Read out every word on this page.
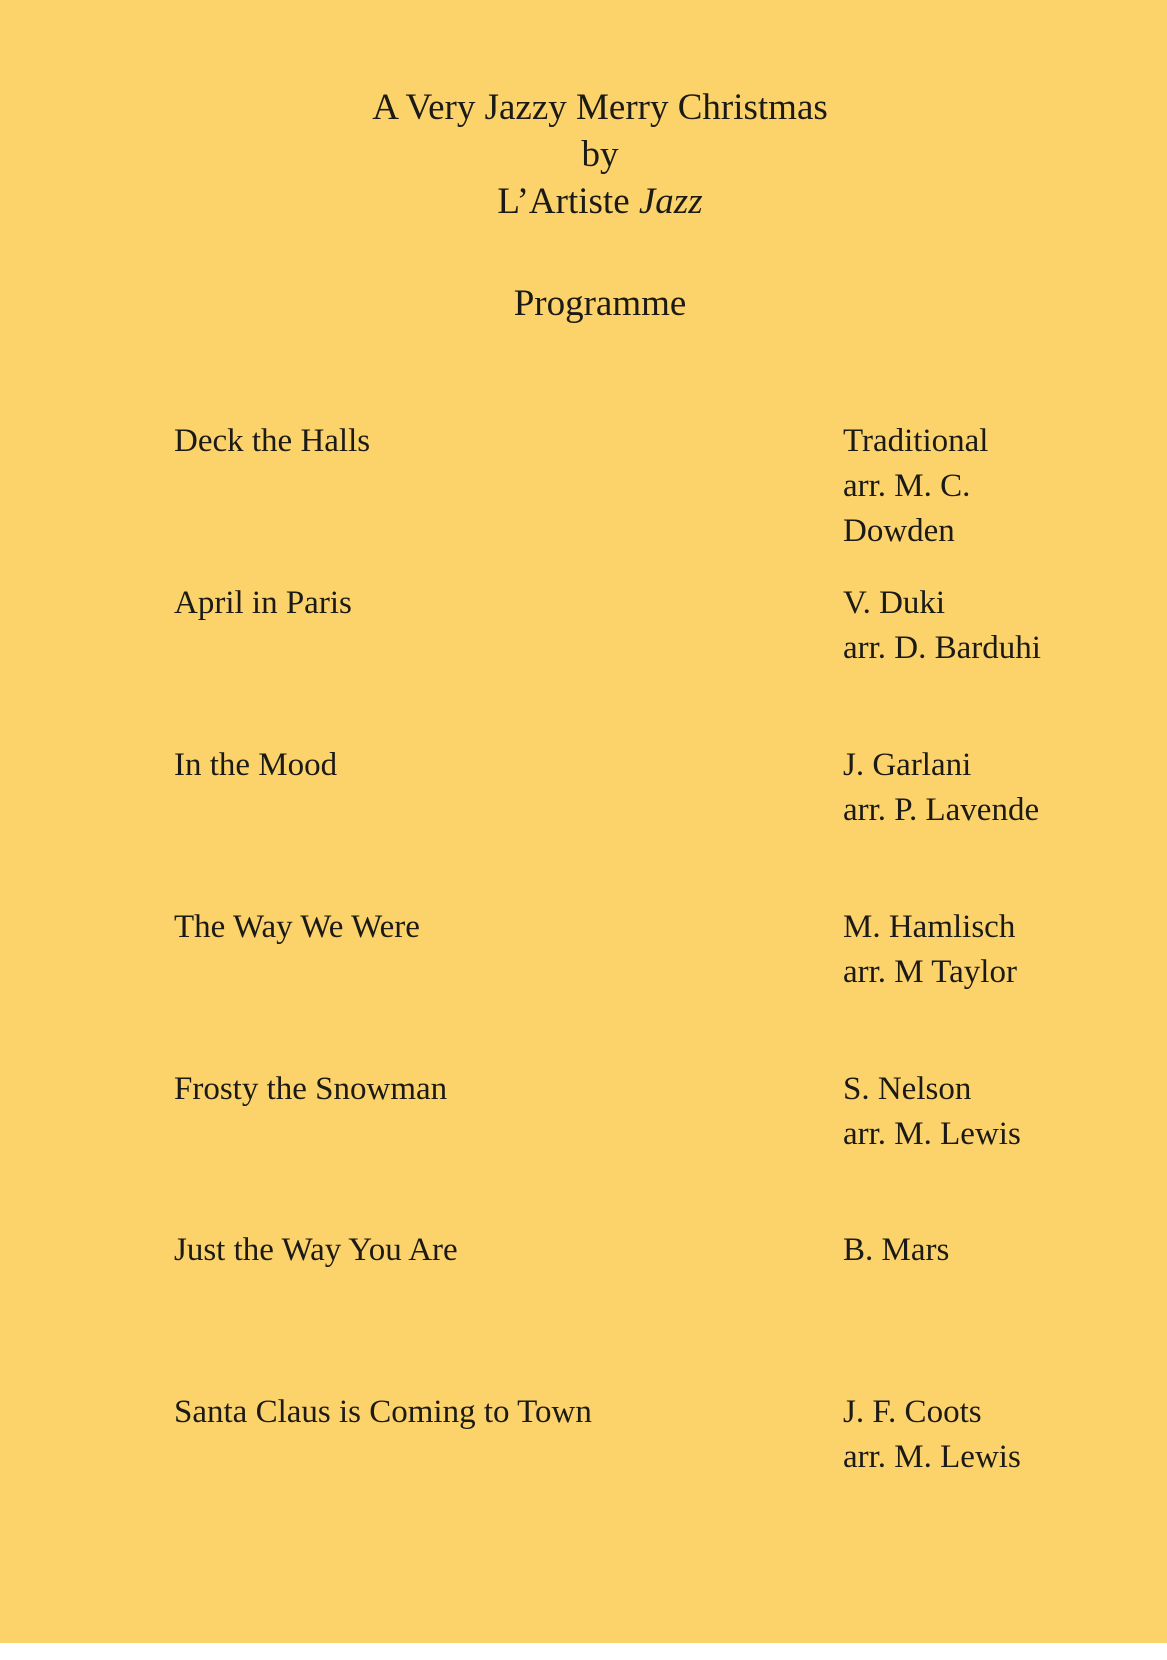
A Very Jazzy Merry Christmas
by
L’Artiste Jazz
Programme
Deck the Halls	Traditional
arr. M. C.
Dowden
April in Paris	V. Duki
arr. D. Barduhi
In the Mood	J. Garlani
arr. P. Lavende
The Way We Were	M. Hamlisch
arr. M Taylor
Frosty the Snowman	S. Nelson
arr. M. Lewis
Just the Way You Are	B. Mars
Santa Claus is Coming to Town	J. F. Coots
arr. M. Lewis
